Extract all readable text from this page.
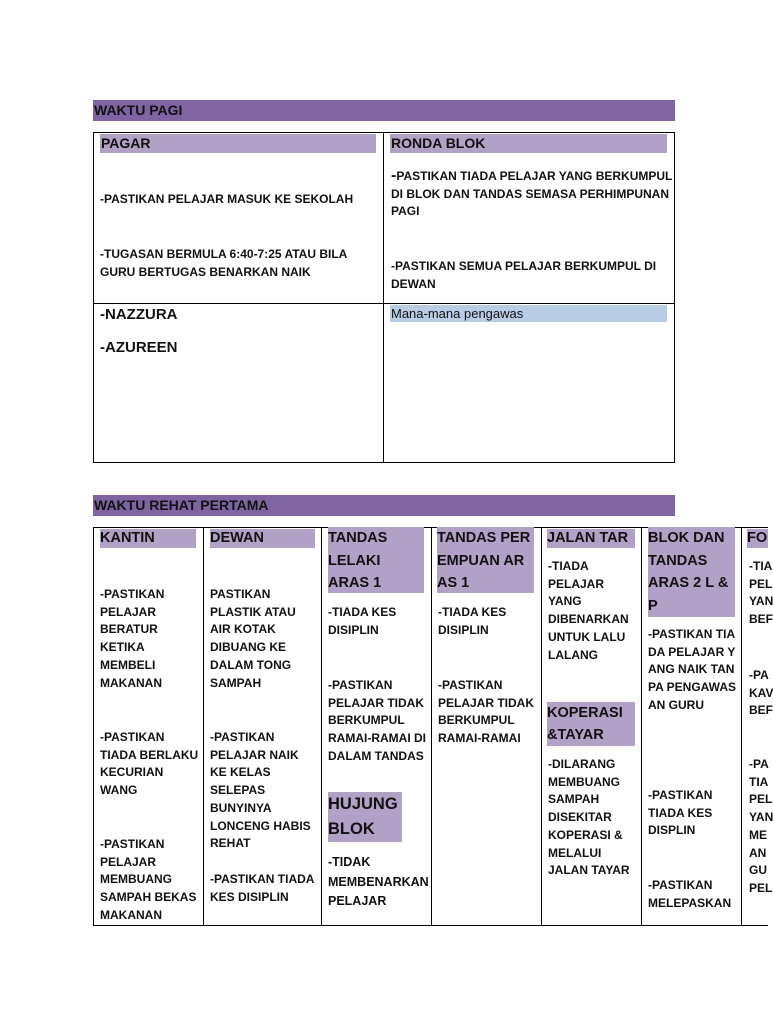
WAKTU PAGI
PAGAR
-PASTIKAN PELAJAR MASUK KE SEKOLAH
-TUGASAN BERMULA 6:40-7:25 ATAU BILA GURU BERTUGAS BENARKAN NAIK
-NAZZURA
-AZUREEN
RONDA BLOK
-PASTIKAN TIADA PELAJAR YANG BERKUMPUL DI BLOK DAN TANDAS SEMASA PERHIMPUNAN PAGI
-PASTIKAN SEMUA PELAJAR BERKUMPUL DI DEWAN
Mana-mana pengawas
WAKTU REHAT PERTAMA
KANTIN
-PASTIKAN PELAJAR BERATUR KETIKA MEMBELI MAKANAN
-PASTIKAN TIADA BERLAKU KECURIAN WANG
-PASTIKAN PELAJAR MEMBUANG SAMPAH BEKAS MAKANAN
DEWAN
PASTIKAN PLASTIK ATAU AIR KOTAK DIBUANG KE DALAM TONG SAMPAH
-PASTIKAN PELAJAR NAIK KE KELAS SELEPAS BUNYINYA LONCENG HABIS REHAT
-PASTIKAN TIADA KES DISIPLIN
TANDAS LELAKI ARAS 1
-TIADA KES DISIPLIN
-PASTIKAN PELAJAR TIDAK BERKUMPUL RAMAI-RAMAI DI DALAM TANDAS
HUJUNG BLOK
-TIDAK MEMBENARKAN PELAJAR
TANDAS PEREMPUAN ARAS 1
-TIADA KES DISIPLIN
-PASTIKAN PELAJAR TIDAK BERKUMPUL RAMAI-RAMAI
JALAN TAR
-TIADA PELAJAR YANG DIBENARKAN UNTUK LALU LALANG
KOPERASI &TAYAR
-DILARANG MEMBUANG SAMPAH DISEKITAR KOPERASI & MELALUI JALAN TAYAR
BLOK DAN TANDAS ARAS 2 L & P
-PASTIKAN TIADA PELAJAR YANG NAIK TANPA PENGAWASAN GURU
-PASTIKAN TIADA KES DISPLIN
-PASTIKAN MELEPASKAN
FO
-TIA
PEL
YAN
BEF
-PA
KAV
BEF
-PA
TIA
PEL
YAN
ME
AN
GU
PEL
